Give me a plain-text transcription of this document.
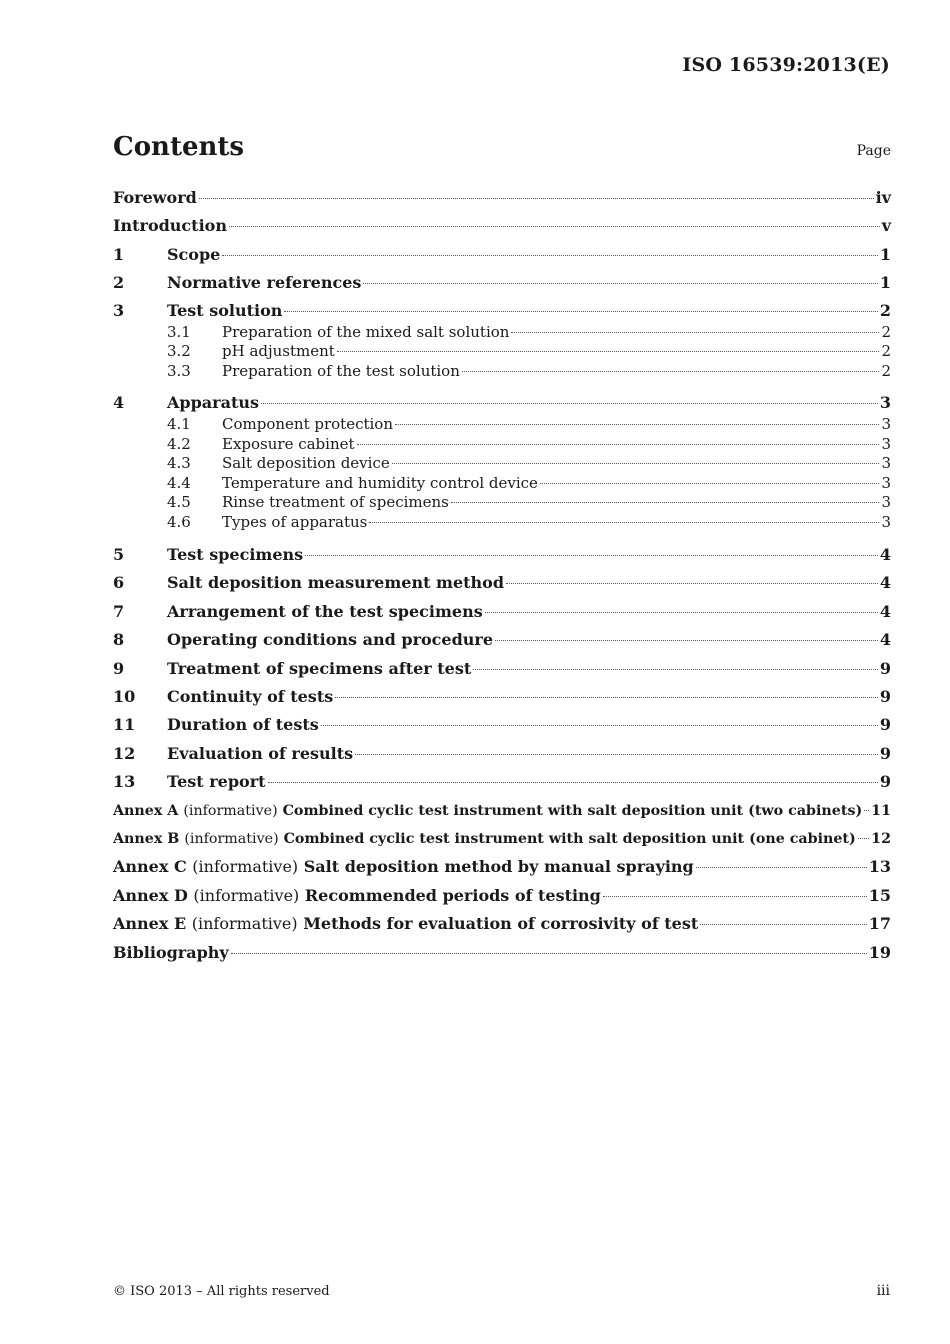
ISO 16539:2013(E)
Contents	Page
Foreword	iv
Introduction	v
1	Scope	1
2	Normative references	1
3	Test solution	2
3.1	Preparation of the mixed salt solution	2
3.2	pH adjustment	2
3.3	Preparation of the test solution	2
4	Apparatus	3
4.1	Component protection	3
4.2	Exposure cabinet	3
4.3	Salt deposition device	3
4.4	Temperature and humidity control device	3
4.5	Rinse treatment of specimens	3
4.6	Types of apparatus	3
5	Test specimens	4
6	Salt deposition measurement method	4
7	Arrangement of the test specimens	4
8	Operating conditions and procedure	4
9	Treatment of specimens after test	9
10	Continuity of tests	9
11	Duration of tests	9
12	Evaluation of results	9
13	Test report	9
Annex A (informative) Combined cyclic test instrument with salt deposition unit (two cabinets) 11
Annex B (informative) Combined cyclic test instrument with salt deposition unit (one cabinet) 12
Annex C (informative) Salt deposition method by manual spraying	13
Annex D (informative) Recommended periods of testing	15
Annex E (informative) Methods for evaluation of corrosivity of test	17
Bibliography	19
© ISO 2013 – All rights reserved	iii
